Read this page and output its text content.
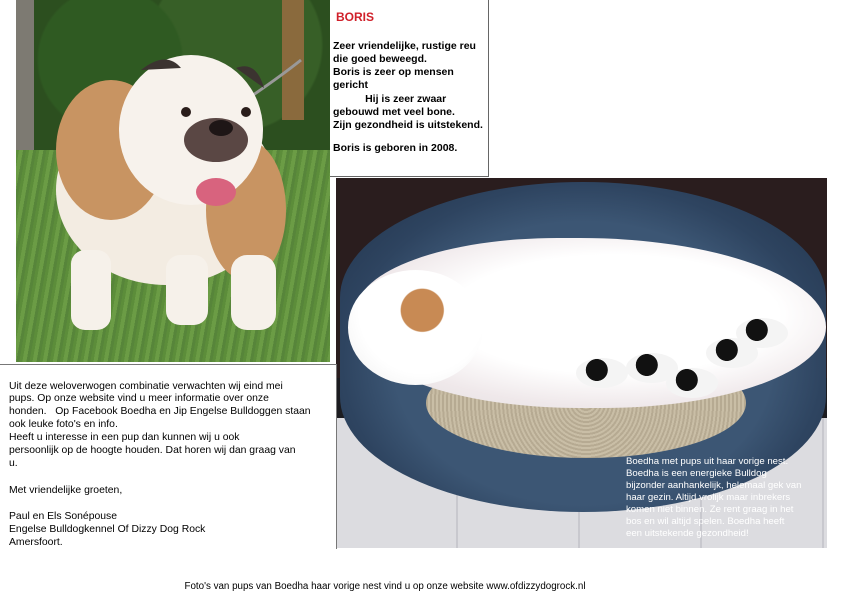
BORIS
Zeer vriendelijke, rustige reu
die goed beweegd.
Boris is zeer op mensen
gericht
Hij is zeer zwaar
gebouwd met veel bone.
Zijn gezondheid is uitstekend.
Boris is geboren in 2008.
Boedha met pups uit haar vorige nest.
Boedha is een energieke Bulldog
bijzonder aanhankelijk, helemaal gek van
haar gezin. Altijd vrolijk maar inbrekers
komen niet binnen. Ze rent graag in het
bos en wil altijd spelen. Boedha heeft
een uitstekende gezondheid!
Uit deze weloverwogen combinatie verwachten wij eind mei
pups. Op onze website vind u meer informatie over onze
honden.   Op Facebook Boedha en Jip Engelse Bulldoggen staan
ook leuke foto's en info.
Heeft u interesse in een pup dan kunnen wij u ook
persoonlijk op de hoogte houden. Dat horen wij dan graag van
u.
Met vriendelijke groeten,
Paul en Els Sonépouse
Engelse Bulldogkennel Of Dizzy Dog Rock
Amersfoort.
Foto's van pups van Boedha haar vorige nest vind u op onze website www.ofdizzydogrock.nl
